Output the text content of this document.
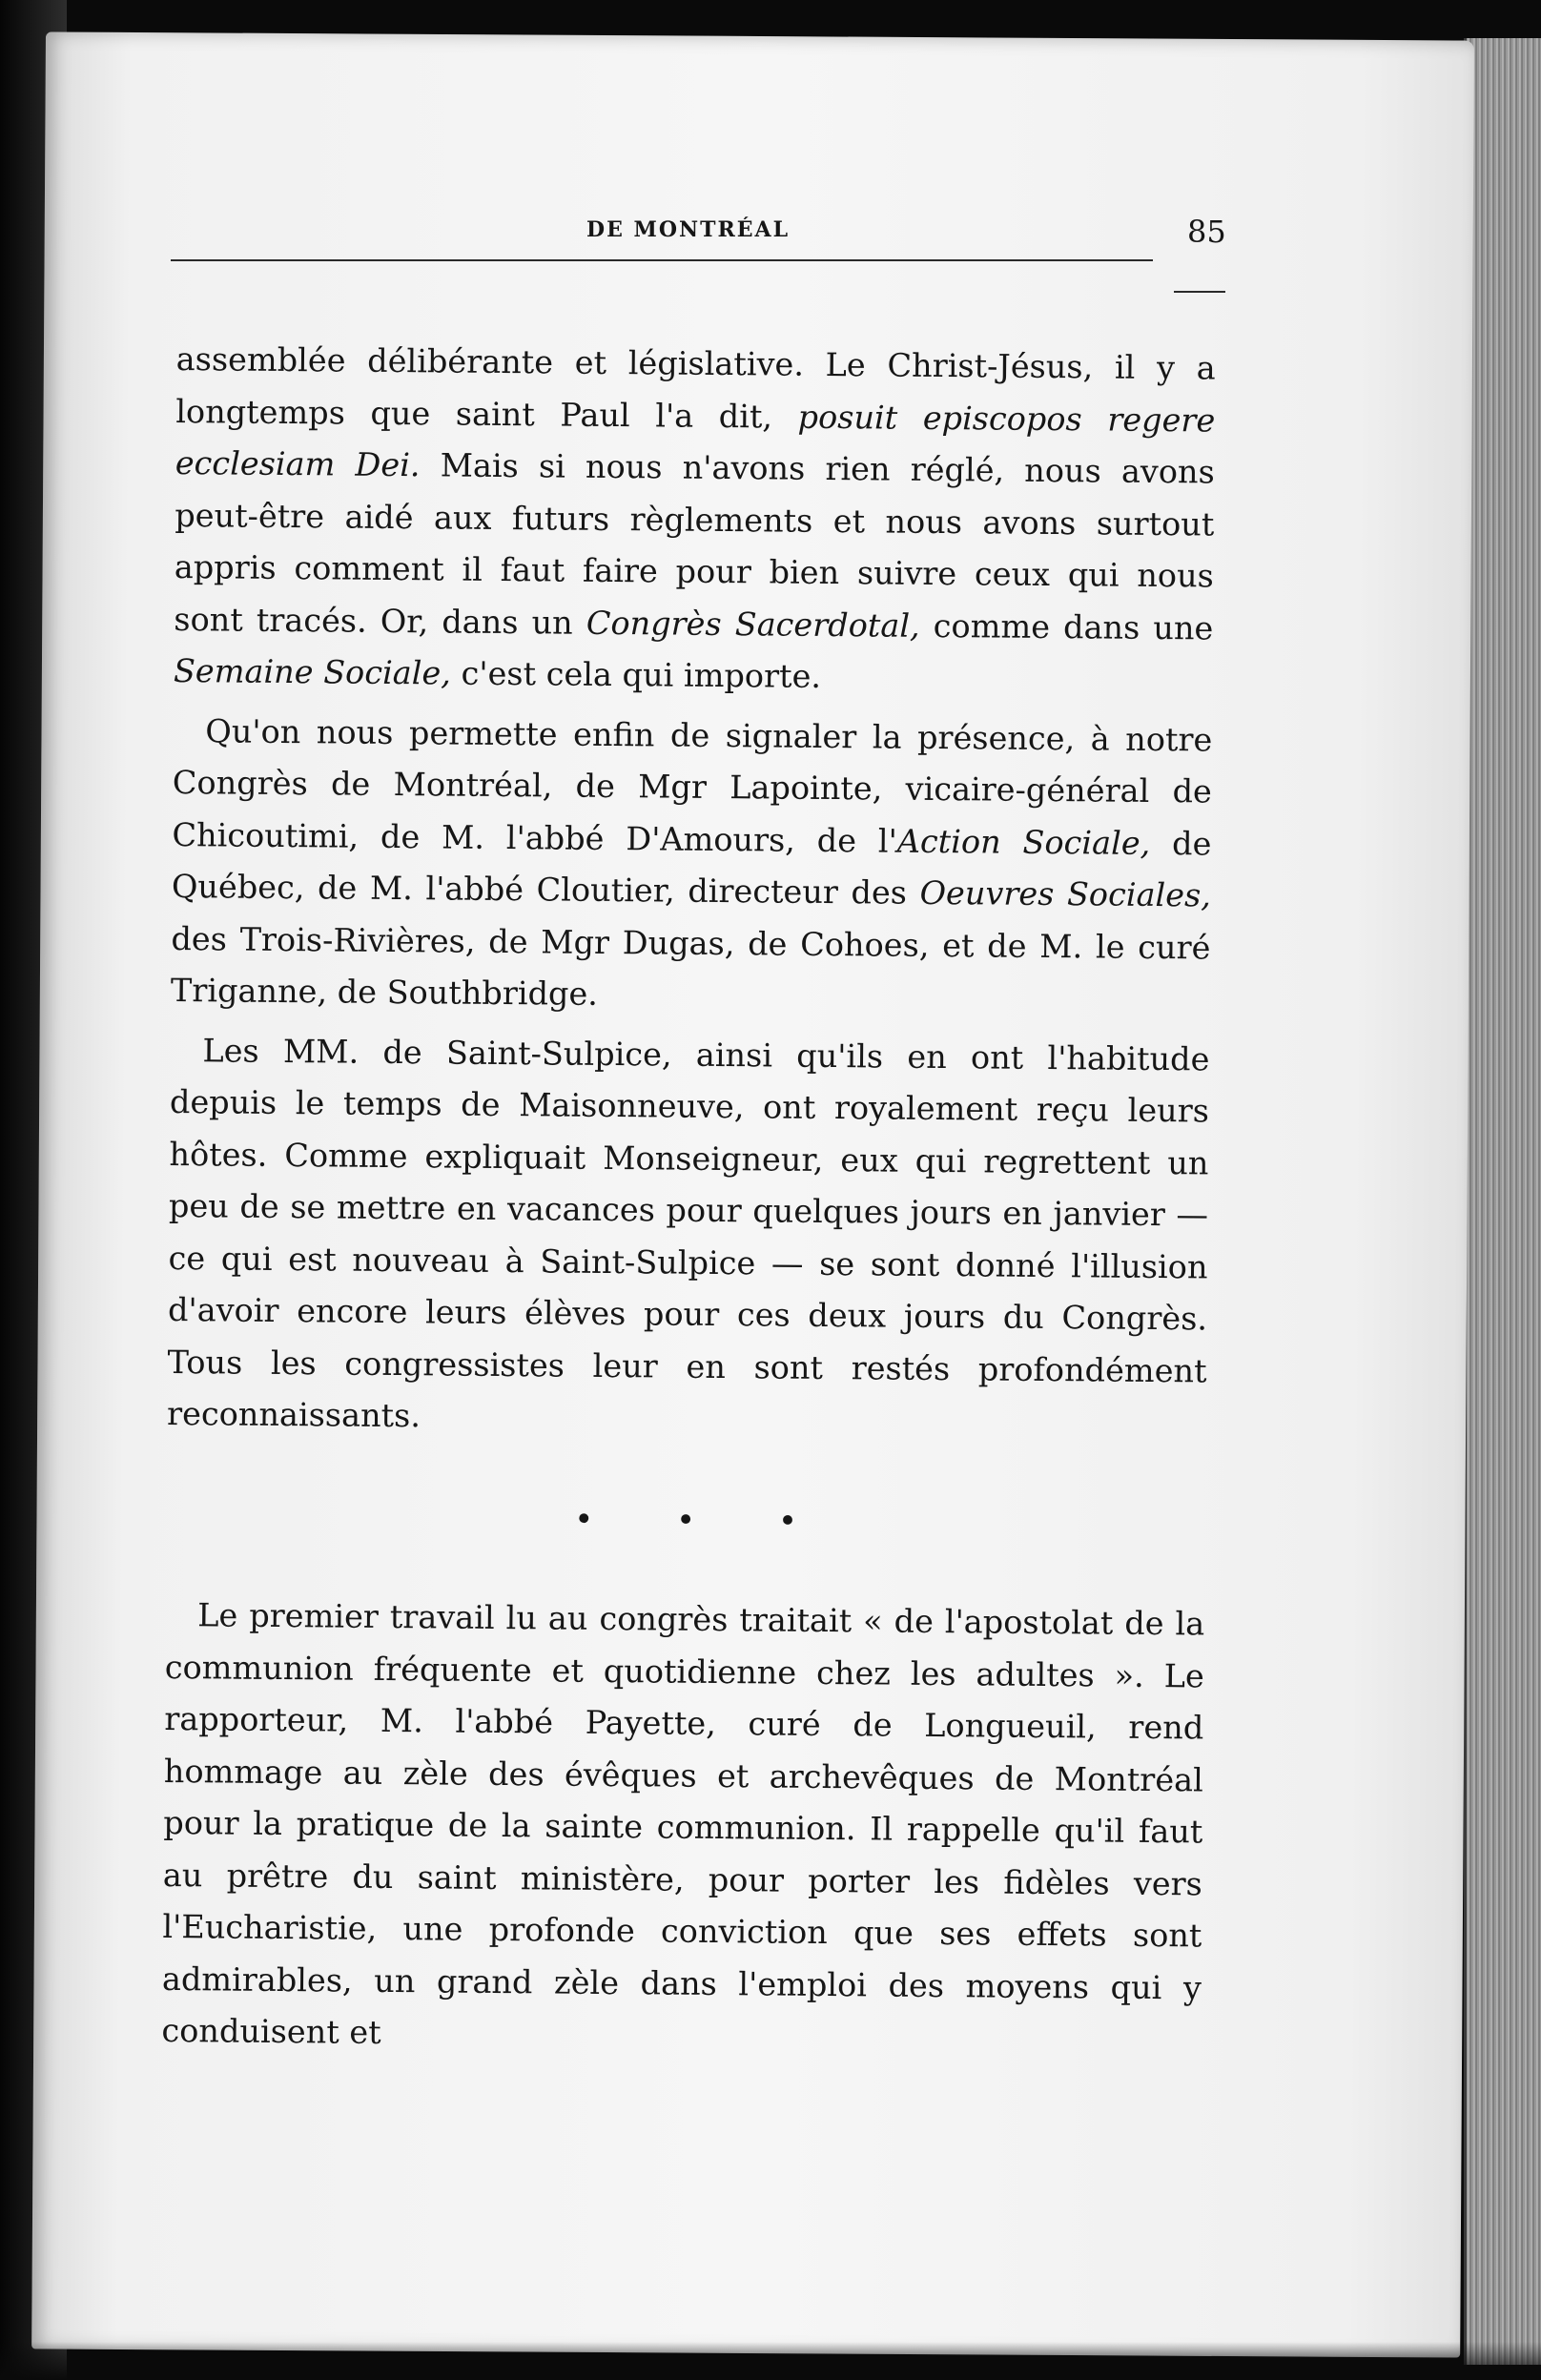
DE MONTRÉAL	85

assemblée délibérante et législative. Le Christ-Jésus, il y a longtemps que saint Paul l'a dit, posuit episcopos regere ecclesiam Dei. Mais si nous n'avons rien réglé, nous avons peut-être aidé aux futurs règlements et nous avons surtout appris comment il faut faire pour bien suivre ceux qui nous sont tracés. Or, dans un Congrès Sacerdotal, comme dans une Semaine Sociale, c'est cela qui importe.

Qu'on nous permette enfin de signaler la présence, à notre Congrès de Montréal, de Mgr Lapointe, vicaire-général de Chicoutimi, de M. l'abbé D'Amours, de l'Action Sociale, de Québec, de M. l'abbé Cloutier, directeur des Oeuvres Sociales, des Trois-Rivières, de Mgr Dugas, de Cohoes, et de M. le curé Triganne, de Southbridge.

Les MM. de Saint-Sulpice, ainsi qu'ils en ont l'habitude depuis le temps de Maisonneuve, ont royalement reçu leurs hôtes. Comme expliquait Monseigneur, eux qui regrettent un peu de se mettre en vacances pour quelques jours en janvier — ce qui est nouveau à Saint-Sulpice — se sont donné l'illusion d'avoir encore leurs élèves pour ces deux jours du Congrès. Tous les congressistes leur en sont restés profondément reconnaissants.

• • •

Le premier travail lu au congrès traitait « de l'apostolat de la communion fréquente et quotidienne chez les adultes ». Le rapporteur, M. l'abbé Payette, curé de Longueuil, rend hommage au zèle des évêques et archevêques de Montréal pour la pratique de la sainte communion. Il rappelle qu'il faut au prêtre du saint ministère, pour porter les fidèles vers l'Eucharistie, une profonde conviction que ses effets sont admirables, un grand zèle dans l'emploi des moyens qui y conduisent et
